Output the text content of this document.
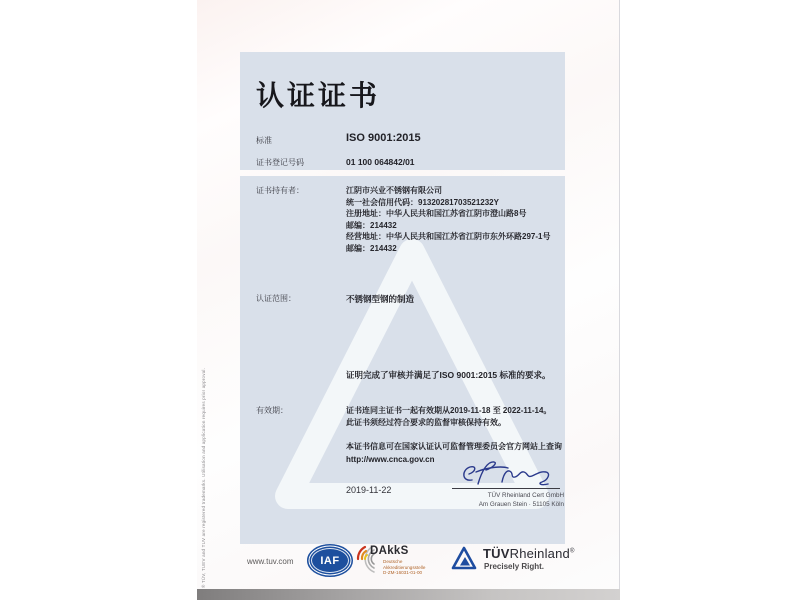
® TÜV, TUEV and TUV are registered trademarks. Utilisation and application requires prior approval.
认证证书
标准	ISO 9001:2015
证书登记号码	01 100 064842/01
证书持有者：	江阴市兴业不锈钢有限公司
统一社会信用代码：91320281703521232Y
注册地址：中华人民共和国江苏省江阴市澄山路8号
邮编：214432
经营地址：中华人民共和国江苏省江阴市东外环路297-1号
邮编：214432
认证范围：	不锈钢型钢的制造
证明完成了审核并满足了ISO 9001:2015 标准的要求。
有效期：	证书连同主证书一起有效期从2019-11-18 至 2022-11-14。
此证书须经过符合要求的监督审核保持有效。
本证书信息可在国家认证认可监督管理委员会官方网站上查询
http://www.cnca.gov.cn
2019-11-22
TÜV Rheinland Cert GmbH
Am Grauen Stein · 51105 Köln
www.tuv.com IAF
DAkkS
Deutsche
Akkreditierungsstelle
D-ZM-16031-01-00
TÜVRheinland®
Precisely Right.
